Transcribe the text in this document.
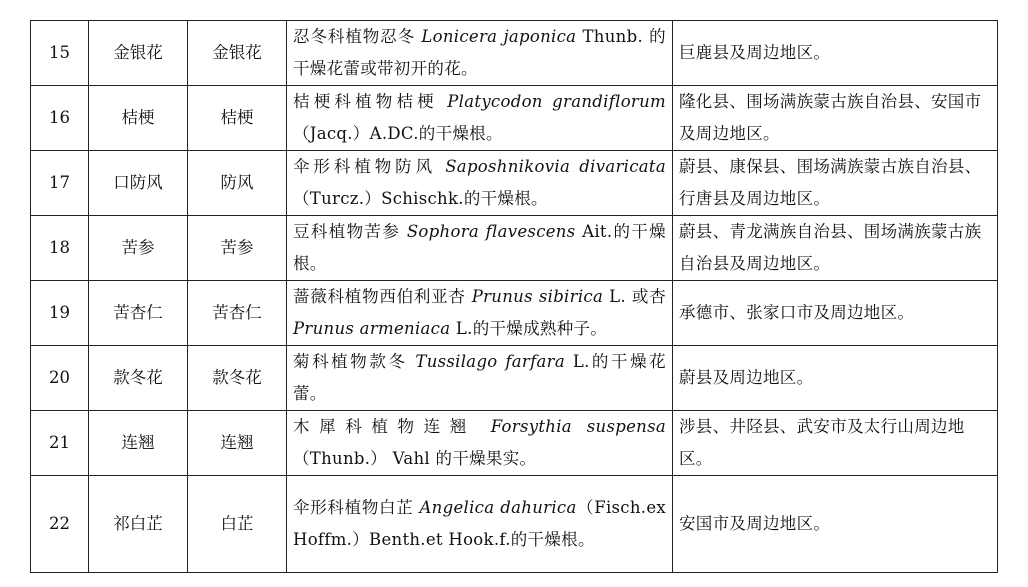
15	金银花	金银花	忍冬科植物忍冬 Lonicera japonica Thunb. 的干燥花蕾或带初开的花。	巨鹿县及周边地区。
16	桔梗	桔梗	桔梗科植物桔梗 Platycodon grandiflorum（Jacq.）A.DC.的干燥根。	隆化县、围场满族蒙古族自治县、安国市及周边地区。
17	口防风	防风	伞形科植物防风 Saposhnikovia divaricata（Turcz.）Schischk.的干燥根。	蔚县、康保县、围场满族蒙古族自治县、行唐县及周边地区。
18	苦参	苦参	豆科植物苦参 Sophora flavescens Ait.的干燥根。	蔚县、青龙满族自治县、围场满族蒙古族自治县及周边地区。
19	苦杏仁	苦杏仁	蔷薇科植物西伯利亚杏 Prunus sibirica L. 或杏 Prunus armeniaca L.的干燥成熟种子。	承德市、张家口市及周边地区。
20	款冬花	款冬花	菊科植物款冬 Tussilago farfara L.的干燥花蕾。	蔚县及周边地区。
21	连翘	连翘	木犀科植物连翘 Forsythia suspensa（Thunb.） Vahl 的干燥果实。	涉县、井陉县、武安市及太行山周边地区。
22	祁白芷	白芷	伞形科植物白芷 Angelica dahurica（Fisch.ex Hoffm.）Benth.et Hook.f.的干燥根。	安国市及周边地区。
